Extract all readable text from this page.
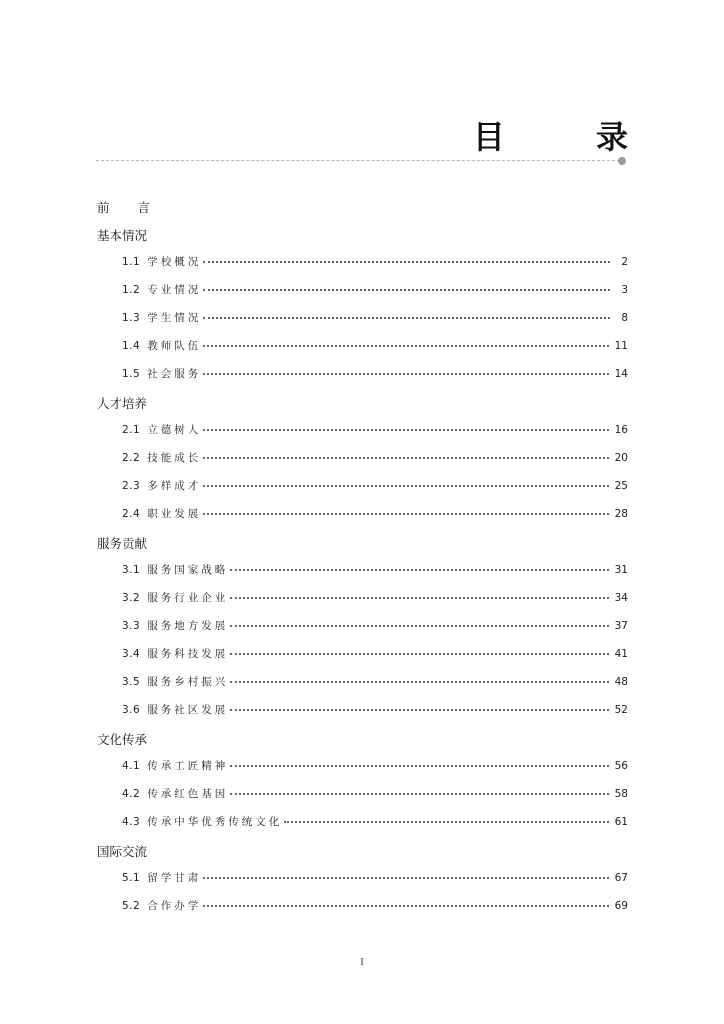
目 录
前言
基本情况
1.1 学校概况	2
1.2 专业情况	3
1.3 学生情况	8
1.4 教师队伍	11
1.5 社会服务	14
人才培养
2.1 立德树人	16
2.2 技能成长	20
2.3 多样成才	25
2.4 职业发展	28
服务贡献
3.1 服务国家战略	31
3.2 服务行业企业	34
3.3 服务地方发展	37
3.4 服务科技发展	41
3.5 服务乡村振兴	48
3.6 服务社区发展	52
文化传承
4.1 传承工匠精神	56
4.2 传承红色基因	58
4.3 传承中华优秀传统文化	61
国际交流
5.1 留学甘肃	67
5.2 合作办学	69
I
